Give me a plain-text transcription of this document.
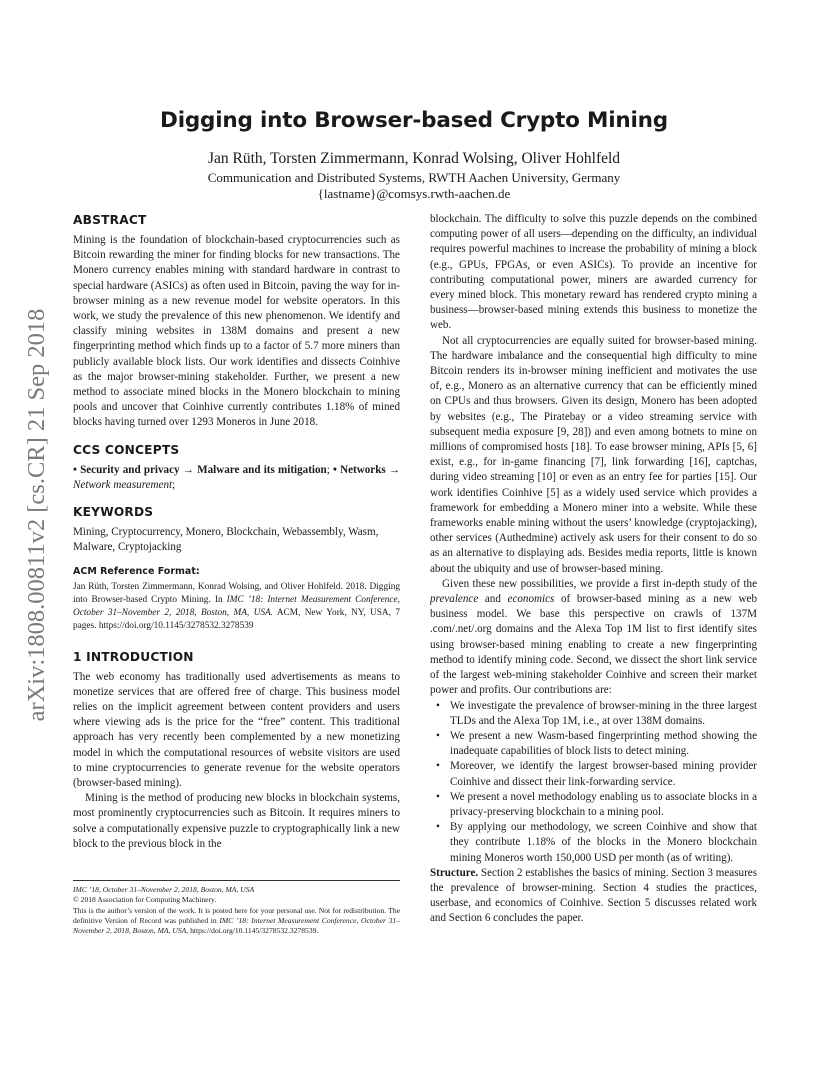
arXiv:1808.00811v2 [cs.CR] 21 Sep 2018
Digging into Browser-based Crypto Mining
Jan Rüth, Torsten Zimmermann, Konrad Wolsing, Oliver Hohlfeld
Communication and Distributed Systems, RWTH Aachen University, Germany
{lastname}@comsys.rwth-aachen.de
ABSTRACT

Mining is the foundation of blockchain-based cryptocurrencies such as Bitcoin rewarding the miner for finding blocks for new transactions. The Monero currency enables mining with standard hardware in contrast to special hardware (ASICs) as often used in Bitcoin, paving the way for in-browser mining as a new revenue model for website operators. In this work, we study the prevalence of this new phenomenon. We identify and classify mining websites in 138M domains and present a new fingerprinting method which finds up to a factor of 5.7 more miners than publicly available block lists. Our work identifies and dissects Coinhive as the major browser-mining stakeholder. Further, we present a new method to associate mined blocks in the Monero blockchain to mining pools and uncover that Coinhive currently contributes 1.18% of mined blocks having turned over 1293 Moneros in June 2018.

CCS CONCEPTS

• Security and privacy → Malware and its mitigation; • Networks → Network measurement;

KEYWORDS

Mining, Cryptocurrency, Monero, Blockchain, Webassembly, Wasm, Malware, Cryptojacking

ACM Reference Format:

Jan Rüth, Torsten Zimmermann, Konrad Wolsing, and Oliver Hohlfeld. 2018. Digging into Browser-based Crypto Mining. In IMC ’18: Internet Measurement Conference, October 31–November 2, 2018, Boston, MA, USA. ACM, New York, NY, USA, 7 pages. https://doi.org/10.1145/3278532.3278539

1 INTRODUCTION

The web economy has traditionally used advertisements as means to monetize services that are offered free of charge. This business model relies on the implicit agreement between content providers and users where viewing ads is the price for the “free” content. This traditional approach has very recently been complemented by a new monetizing model in which the computational resources of website visitors are used to mine cryptocurrencies to generate revenue for the website operators (browser-based mining).

Mining is the method of producing new blocks in blockchain systems, most prominently cryptocurrencies such as Bitcoin. It requires miners to solve a computationally expensive puzzle to cryptographically link a new block to the previous block in the

IMC ’18, October 31–November 2, 2018, Boston, MA, USA
© 2018 Association for Computing Machinery.
This is the author’s version of the work. It is posted here for your personal use. Not for redistribution. The definitive Version of Record was published in IMC ’18: Internet Measurement Conference, October 31–November 2, 2018, Boston, MA, USA, https://doi.org/10.1145/3278532.3278539.

blockchain. The difficulty to solve this puzzle depends on the combined computing power of all users—depending on the difficulty, an individual requires powerful machines to increase the probability of mining a block (e.g., GPUs, FPGAs, or even ASICs). To provide an incentive for contributing computational power, miners are awarded currency for every mined block. This monetary reward has rendered crypto mining a business—browser-based mining extends this business to monetize the web.

Not all cryptocurrencies are equally suited for browser-based mining. The hardware imbalance and the consequential high difficulty to mine Bitcoin renders its in-browser mining inefficient and motivates the use of, e.g., Monero as an alternative currency that can be efficiently mined on CPUs and thus browsers. Given its design, Monero has been adopted by websites (e.g., The Piratebay or a video streaming service with subsequent media exposure [9, 28]) and even among botnets to mine on millions of compromised hosts [18]. To ease browser mining, APIs [5, 6] exist, e.g., for in-game financing [7], link forwarding [16], captchas, during video streaming [10] or even as an entry fee for parties [15]. Our work identifies Coinhive [5] as a widely used service which provides a framework for embedding a Monero miner into a website. While these frameworks enable mining without the users’ knowledge (cryptojacking), other services (Authedmine) actively ask users for their consent to do so as an alternative to displaying ads. Besides media reports, little is known about the ubiquity and use of browser-based mining.

Given these new possibilities, we provide a first in-depth study of the prevalence and economics of browser-based mining as a new web business model. We base this perspective on crawls of 137M .com/.net/.org domains and the Alexa Top 1M list to first identify sites using browser-based mining enabling to create a new fingerprinting method to identify mining code. Second, we dissect the short link service of the largest web-mining stakeholder Coinhive and screen their market power and profits. Our contributions are:

• We investigate the prevalence of browser-mining in the three largest TLDs and the Alexa Top 1M, i.e., at over 138M domains.
• We present a new Wasm-based fingerprinting method showing the inadequate capabilities of block lists to detect mining.
• Moreover, we identify the largest browser-based mining provider Coinhive and dissect their link-forwarding service.
• We present a novel methodology enabling us to associate blocks in a privacy-preserving blockchain to a mining pool.
• By applying our methodology, we screen Coinhive and show that they contribute 1.18% of the blocks in the Monero blockchain mining Moneros worth 150,000 USD per month (as of writing).

Structure. Section 2 establishes the basics of mining. Section 3 measures the prevalence of browser-mining. Section 4 studies the practices, userbase, and economics of Coinhive. Section 5 discusses related work and Section 6 concludes the paper.
